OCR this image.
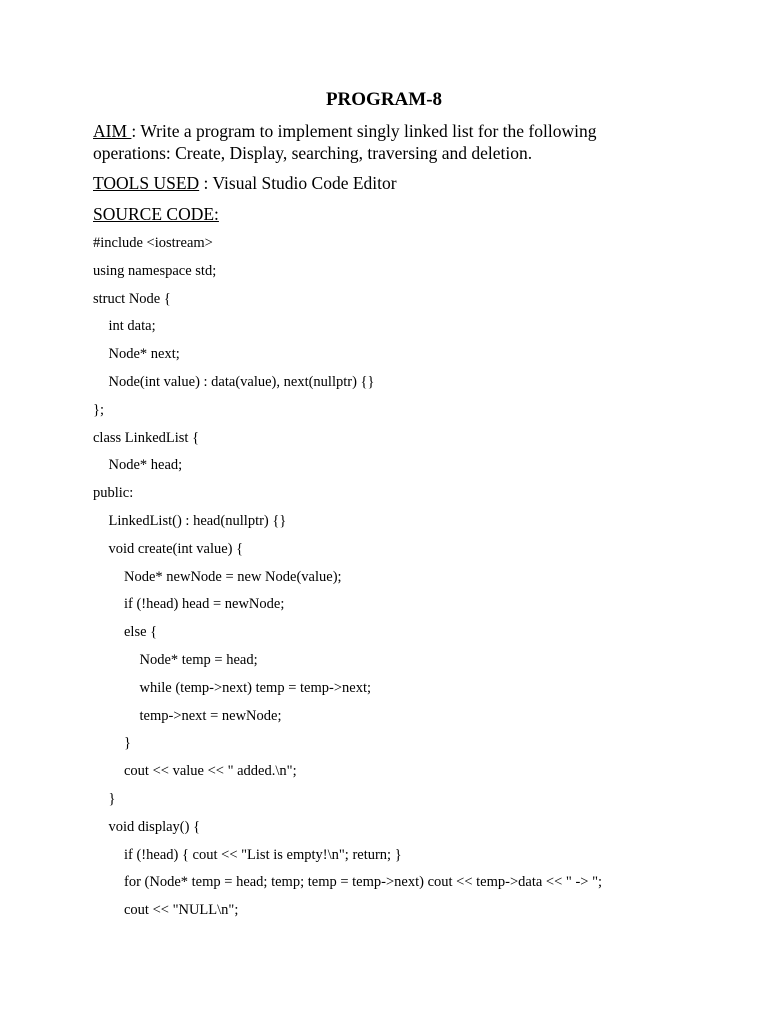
PROGRAM-8
AIM : Write a program to implement singly linked list for the following operations: Create, Display, searching, traversing and deletion.
TOOLS USED : Visual Studio Code Editor
SOURCE CODE:
#include <iostream>
using namespace std;
struct Node {
int data;
Node* next;
Node(int value) : data(value), next(nullptr) {}
};
class LinkedList {
Node* head;
public:
LinkedList() : head(nullptr) {}
void create(int value) {
Node* newNode = new Node(value);
if (!head) head = newNode;
else {
Node* temp = head;
while (temp->next) temp = temp->next;
temp->next = newNode;
}
cout << value << " added.\n";
}
void display() {
if (!head) { cout << "List is empty!\n"; return; }
for (Node* temp = head; temp; temp = temp->next) cout << temp->data << " -> ";
cout << "NULL\n";
